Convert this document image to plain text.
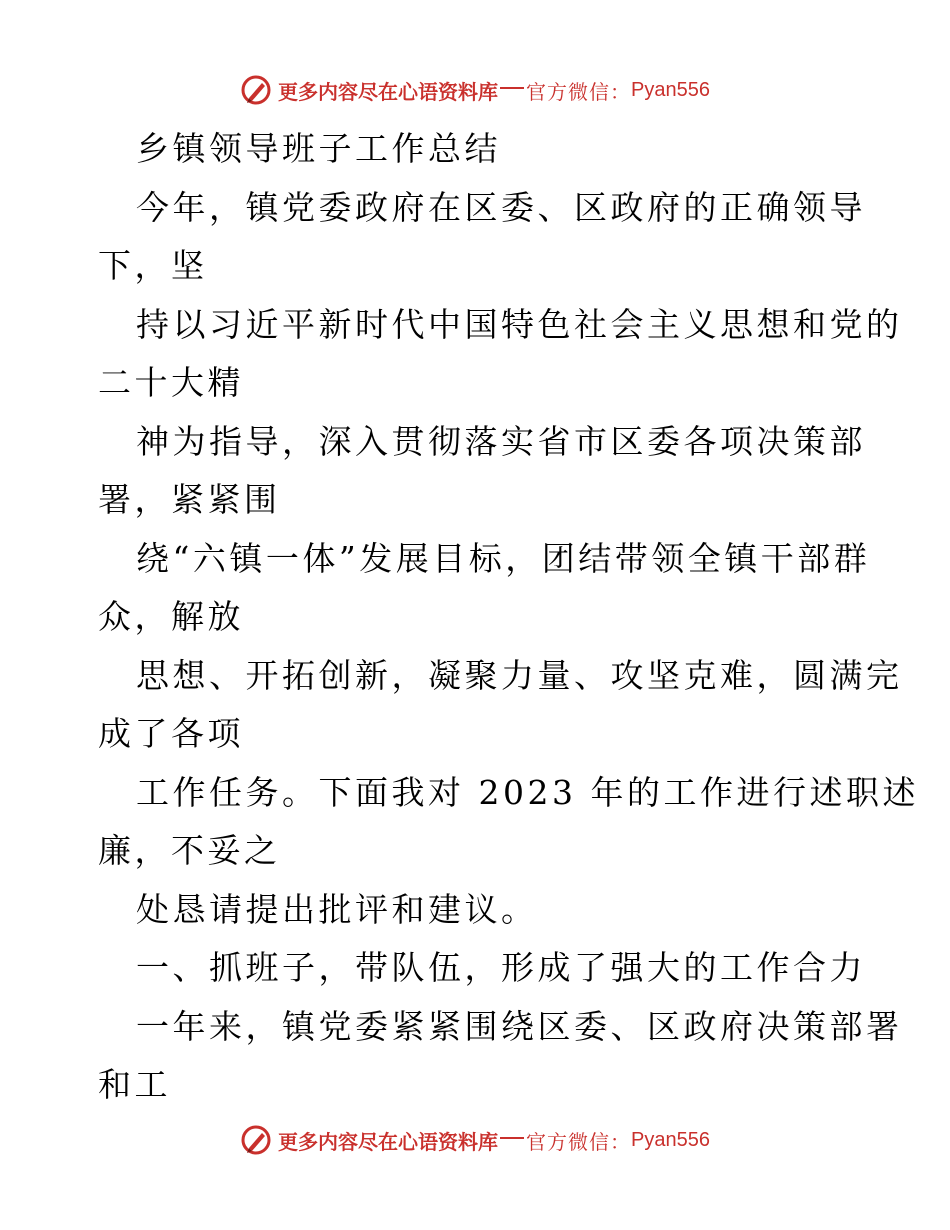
更多内容尽在心语资料库 官方微信： Pyan556
乡镇领导班子工作总结
今年，镇党委政府在区委、区政府的正确领导
下，坚
持以习近平新时代中国特色社会主义思想和党的
二十大精
神为指导，深入贯彻落实省市区委各项决策部
署，紧紧围
绕“六镇一体”发展目标，团结带领全镇干部群
众，解放
思想、开拓创新，凝聚力量、攻坚克难，圆满完
成了各项
工作任务。下面我对 2023 年的工作进行述职述
廉，不妥之
处恳请提出批评和建议。
一、抓班子，带队伍，形成了强大的工作合力
一年来，镇党委紧紧围绕区委、区政府决策部署
和工
更多内容尽在心语资料库 官方微信： Pyan556
